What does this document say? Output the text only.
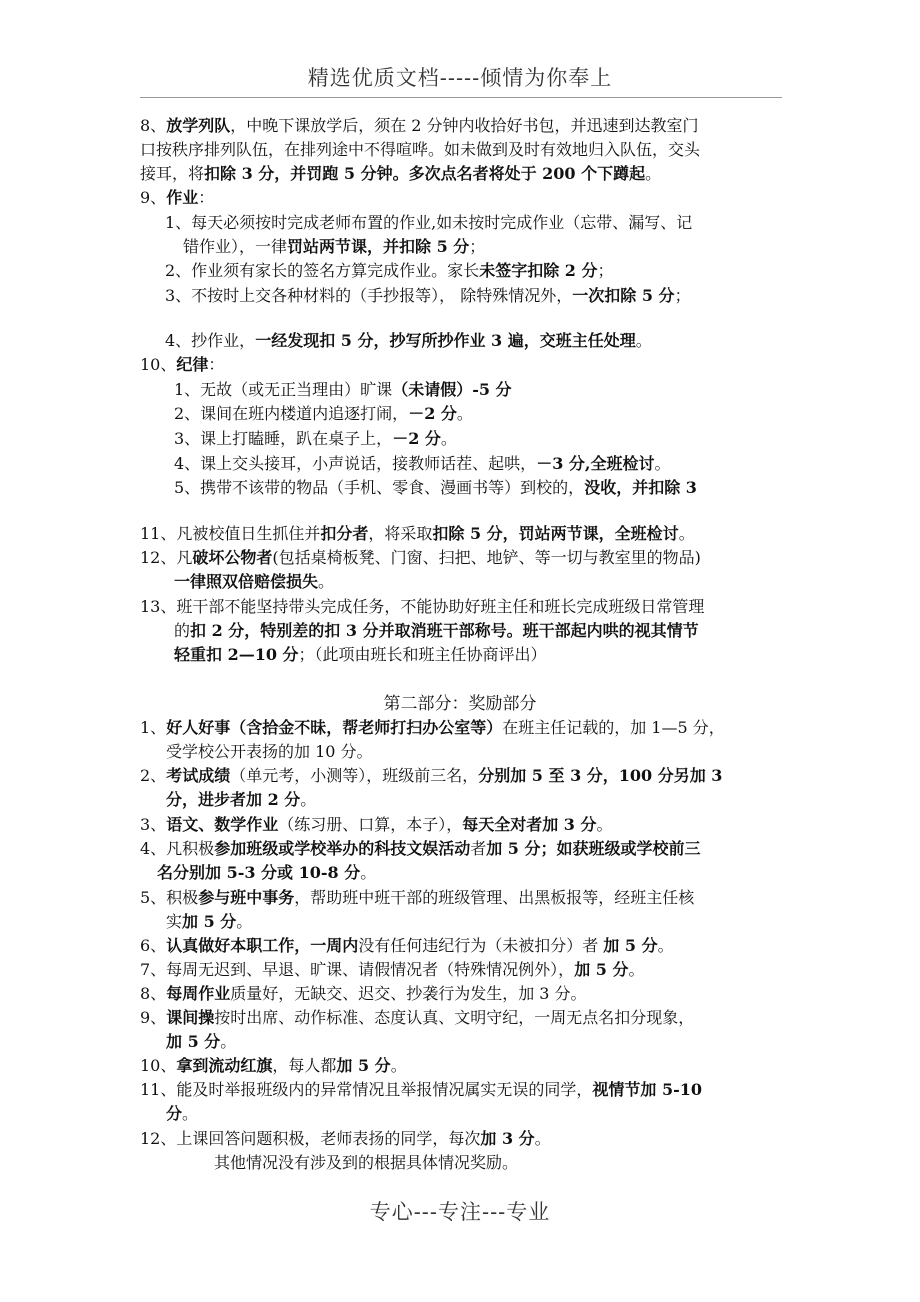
精选优质文档-----倾情为你奉上
8、放学列队，中晚下课放学后，须在 2 分钟内收拾好书包，并迅速到达教室门
口按秩序排列队伍，在排列途中不得喧哗。如未做到及时有效地归入队伍，交头
接耳，将扣除 3 分，并罚跑 5 分钟。多次点名者将处于 200 个下蹲起。
9、作业：
1、每天必须按时完成老师布置的作业,如未按时完成作业（忘带、漏写、记
错作业），一律罚站两节课，并扣除 5 分；
2、作业须有家长的签名方算完成作业。家长未签字扣除 2 分；
3、不按时上交各种材料的（手抄报等）， 除特殊情况外，一次扣除 5 分；
4、抄作业，一经发现扣 5 分，抄写所抄作业 3 遍，交班主任处理。
10、纪律：
1、无故（或无正当理由）旷课（未请假）-5 分
2、课间在班内楼道内追逐打闹，－2 分。
3、课上打瞌睡，趴在桌子上，－2 分。
4、课上交头接耳，小声说话，接教师话茬、起哄，－3 分,全班检讨。
5、携带不该带的物品（手机、零食、漫画书等）到校的，没收，并扣除 3
11、凡被校值日生抓住并扣分者，将采取扣除 5 分，罚站两节课，全班检讨。
12、凡破坏公物者(包括桌椅板凳、门窗、扫把、地铲、等一切与教室里的物品)
一律照双倍赔偿损失。
13、班干部不能坚持带头完成任务，不能协助好班主任和班长完成班级日常管理
的扣 2 分，特别差的扣 3 分并取消班干部称号。班干部起内哄的视其情节
轻重扣 2—10 分；（此项由班长和班主任协商评出）
1、好人好事（含拾金不昧，帮老师打扫办公室等）在班主任记载的，加 1—5 分，
受学校公开表扬的加 10 分。
2、考试成绩（单元考，小测等），班级前三名，分别加 5 至 3 分，100 分另加 3
分，进步者加 2 分。
3、语文、数学作业（练习册、口算，本子），每天全对者加 3 分。
4、凡积极参加班级或学校举办的科技文娱活动者加 5 分；如获班级或学校前三
名分别加 5-3 分或 10-8 分。
5、积极参与班中事务，帮助班中班干部的班级管理、出黑板报等，经班主任核
实加 5 分。
6、认真做好本职工作，一周内没有任何违纪行为（未被扣分）者 加 5 分。
7、每周无迟到、早退、旷课、请假情况者（特殊情况例外），加 5 分。
8、每周作业质量好，无缺交、迟交、抄袭行为发生，加 3 分。
9、课间操按时出席、动作标准、态度认真、文明守纪，一周无点名扣分现象，
加 5 分。
10、拿到流动红旗，每人都加 5 分。
11、能及时举报班级内的异常情况且举报情况属实无误的同学，视情节加 5-10
分。
12、上课回答问题积极，老师表扬的同学，每次加 3 分。
其他情况没有涉及到的根据具体情况奖励。
第二部分：奖励部分
专心---专注---专业
